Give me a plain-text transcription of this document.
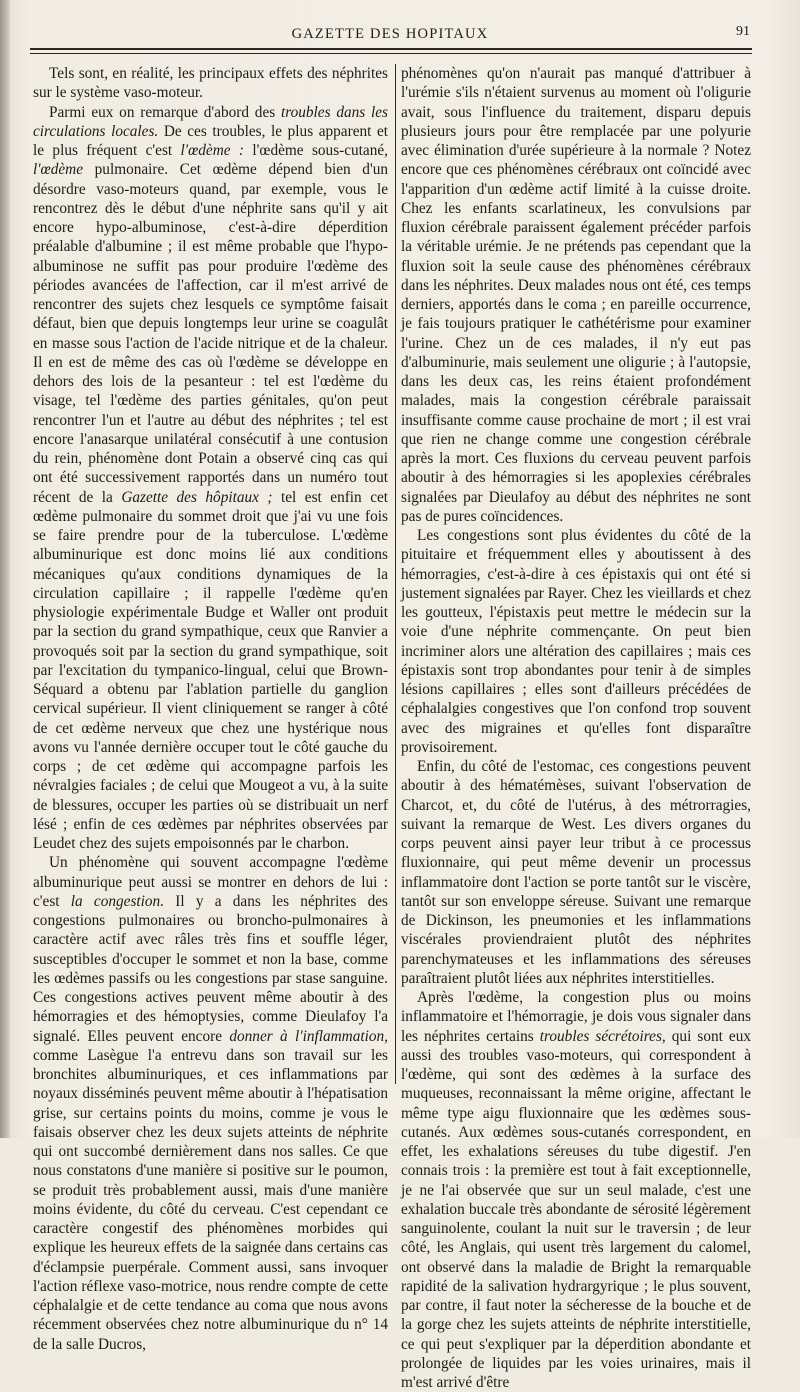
GAZETTE DES HOPITAUX	91

Tels sont, en réalité, les principaux effets des néphrites sur le système vaso-moteur.

Parmi eux on remarque d'abord des troubles dans les circulations locales. De ces troubles, le plus apparent et le plus fréquent c'est l'œdème : l'œdème sous-cutané, l'œdème pulmonaire. Cet œdème dépend bien d'un désordre vaso-moteurs quand, par exemple, vous le rencontrez dès le début d'une néphrite sans qu'il y ait encore hypo-albuminose, c'est-à-dire déperdition préalable d'albumine ; il est même probable que l'hypo-albuminose ne suffit pas pour produire l'œdème des périodes avancées de l'affection, car il m'est arrivé de rencontrer des sujets chez lesquels ce symptôme faisait défaut, bien que depuis longtemps leur urine se coagulât en masse sous l'action de l'acide nitrique et de la chaleur. Il en est de même des cas où l'œdème se développe en dehors des lois de la pesanteur : tel est l'œdème du visage, tel l'œdème des parties génitales, qu'on peut rencontrer l'un et l'autre au début des néphrites ; tel est encore l'anasarque unilatéral consécutif à une contusion du rein, phénomène dont Potain a observé cinq cas qui ont été successivement rapportés dans un numéro tout récent de la Gazette des hôpitaux ; tel est enfin cet œdème pulmonaire du sommet droit que j'ai vu une fois se faire prendre pour de la tuberculose. L'œdème albuminurique est donc moins lié aux conditions mécaniques qu'aux conditions dynamiques de la circulation capillaire ; il rappelle l'œdème qu'en physiologie expérimentale Budge et Waller ont produit par la section du grand sympathique, ceux que Ranvier a provoqués soit par la section du grand sympathique, soit par l'excitation du tympanico-lingual, celui que Brown-Séquard a obtenu par l'ablation partielle du ganglion cervical supérieur. Il vient cliniquement se ranger à côté de cet œdème nerveux que chez une hystérique nous avons vu l'année dernière occuper tout le côté gauche du corps ; de cet œdème qui accompagne parfois les névralgies faciales ; de celui que Mougeot a vu, à la suite de blessures, occuper les parties où se distribuait un nerf lésé ; enfin de ces œdèmes par néphrites observées par Leudet chez des sujets empoisonnés par le charbon.

Un phénomène qui souvent accompagne l'œdème albuminurique peut aussi se montrer en dehors de lui : c'est la congestion. Il y a dans les néphrites des congestions pulmonaires ou broncho-pulmonaires à caractère actif avec râles très fins et souffle léger, susceptibles d'occuper le sommet et non la base, comme les œdèmes passifs ou les congestions par stase sanguine. Ces congestions actives peuvent même aboutir à des hémorragies et des hémoptysies, comme Dieulafoy l'a signalé. Elles peuvent encore donner à l'inflammation, comme Lasègue l'a entrevu dans son travail sur les bronchites albuminuriques, et ces inflammations par noyaux disséminés peuvent même aboutir à l'hépatisation grise, sur certains points du moins, comme je vous le faisais observer chez les deux sujets atteints de néphrite qui ont succombé dernièrement dans nos salles. Ce que nous constatons d'une manière si positive sur le poumon, se produit très probablement aussi, mais d'une manière moins évidente, du côté du cerveau. C'est cependant ce caractère congestif des phénomènes morbides qui explique les heureux effets de la saignée dans certains cas d'éclampsie puerpérale. Comment aussi, sans invoquer l'action réflexe vaso-motrice, nous rendre compte de cette céphalalgie et de cette tendance au coma que nous avons récemment observées chez notre albuminurique du n° 14 de la salle Ducros,

phénomènes qu'on n'aurait pas manqué d'attribuer à l'urémie s'ils n'étaient survenus au moment où l'oligurie avait, sous l'influence du traitement, disparu depuis plusieurs jours pour être remplacée par une polyurie avec élimination d'urée supérieure à la normale ? Notez encore que ces phénomènes cérébraux ont coïncidé avec l'apparition d'un œdème actif limité à la cuisse droite. Chez les enfants scarlatineux, les convulsions par fluxion cérébrale paraissent également précéder parfois la véritable urémie. Je ne prétends pas cependant que la fluxion soit la seule cause des phénomènes cérébraux dans les néphrites. Deux malades nous ont été, ces temps derniers, apportés dans le coma ; en pareille occurrence, je fais toujours pratiquer le cathétérisme pour examiner l'urine. Chez un de ces malades, il n'y eut pas d'albuminurie, mais seulement une oligurie ; à l'autopsie, dans les deux cas, les reins étaient profondément malades, mais la congestion cérébrale paraissait insuffisante comme cause prochaine de mort ; il est vrai que rien ne change comme une congestion cérébrale après la mort. Ces fluxions du cerveau peuvent parfois aboutir à des hémorragies si les apoplexies cérébrales signalées par Dieulafoy au début des néphrites ne sont pas de pures coïncidences.

Les congestions sont plus évidentes du côté de la pituitaire et fréquemment elles y aboutissent à des hémorragies, c'est-à-dire à ces épistaxis qui ont été si justement signalées par Rayer. Chez les vieillards et chez les goutteux, l'épistaxis peut mettre le médecin sur la voie d'une néphrite commençante. On peut bien incriminer alors une altération des capillaires ; mais ces épistaxis sont trop abondantes pour tenir à de simples lésions capillaires ; elles sont d'ailleurs précédées de céphalalgies congestives que l'on confond trop souvent avec des migraines et qu'elles font disparaître provisoirement.

Enfin, du côté de l'estomac, ces congestions peuvent aboutir à des hématémèses, suivant l'observation de Charcot, et, du côté de l'utérus, à des métrorragies, suivant la remarque de West. Les divers organes du corps peuvent ainsi payer leur tribut à ce processus fluxionnaire, qui peut même devenir un processus inflammatoire dont l'action se porte tantôt sur le viscère, tantôt sur son enveloppe séreuse. Suivant une remarque de Dickinson, les pneumonies et les inflammations viscérales proviendraient plutôt des néphrites parenchymateuses et les inflammations des séreuses paraîtraient plutôt liées aux néphrites interstitielles.

Après l'œdème, la congestion plus ou moins inflammatoire et l'hémorragie, je dois vous signaler dans les néphrites certains troubles sécrétoires, qui sont eux aussi des troubles vaso-moteurs, qui correspondent à l'œdème, qui sont des œdèmes à la surface des muqueuses, reconnaissant la même origine, affectant le même type aigu fluxionnaire que les œdèmes sous-cutanés. Aux œdèmes sous-cutanés correspondent, en effet, les exhalations séreuses du tube digestif. J'en connais trois : la première est tout à fait exceptionnelle, je ne l'ai observée que sur un seul malade, c'est une exhalation buccale très abondante de sérosité légèrement sanguinolente, coulant la nuit sur le traversin ; de leur côté, les Anglais, qui usent très largement du calomel, ont observé dans la maladie de Bright la remarquable rapidité de la salivation hydrargyrique ; le plus souvent, par contre, il faut noter la sécheresse de la bouche et de la gorge chez les sujets atteints de néphrite interstitielle, ce qui peut s'expliquer par la déperdition abondante et prolongée de liquides par les voies urinaires, mais il m'est arrivé d'être
